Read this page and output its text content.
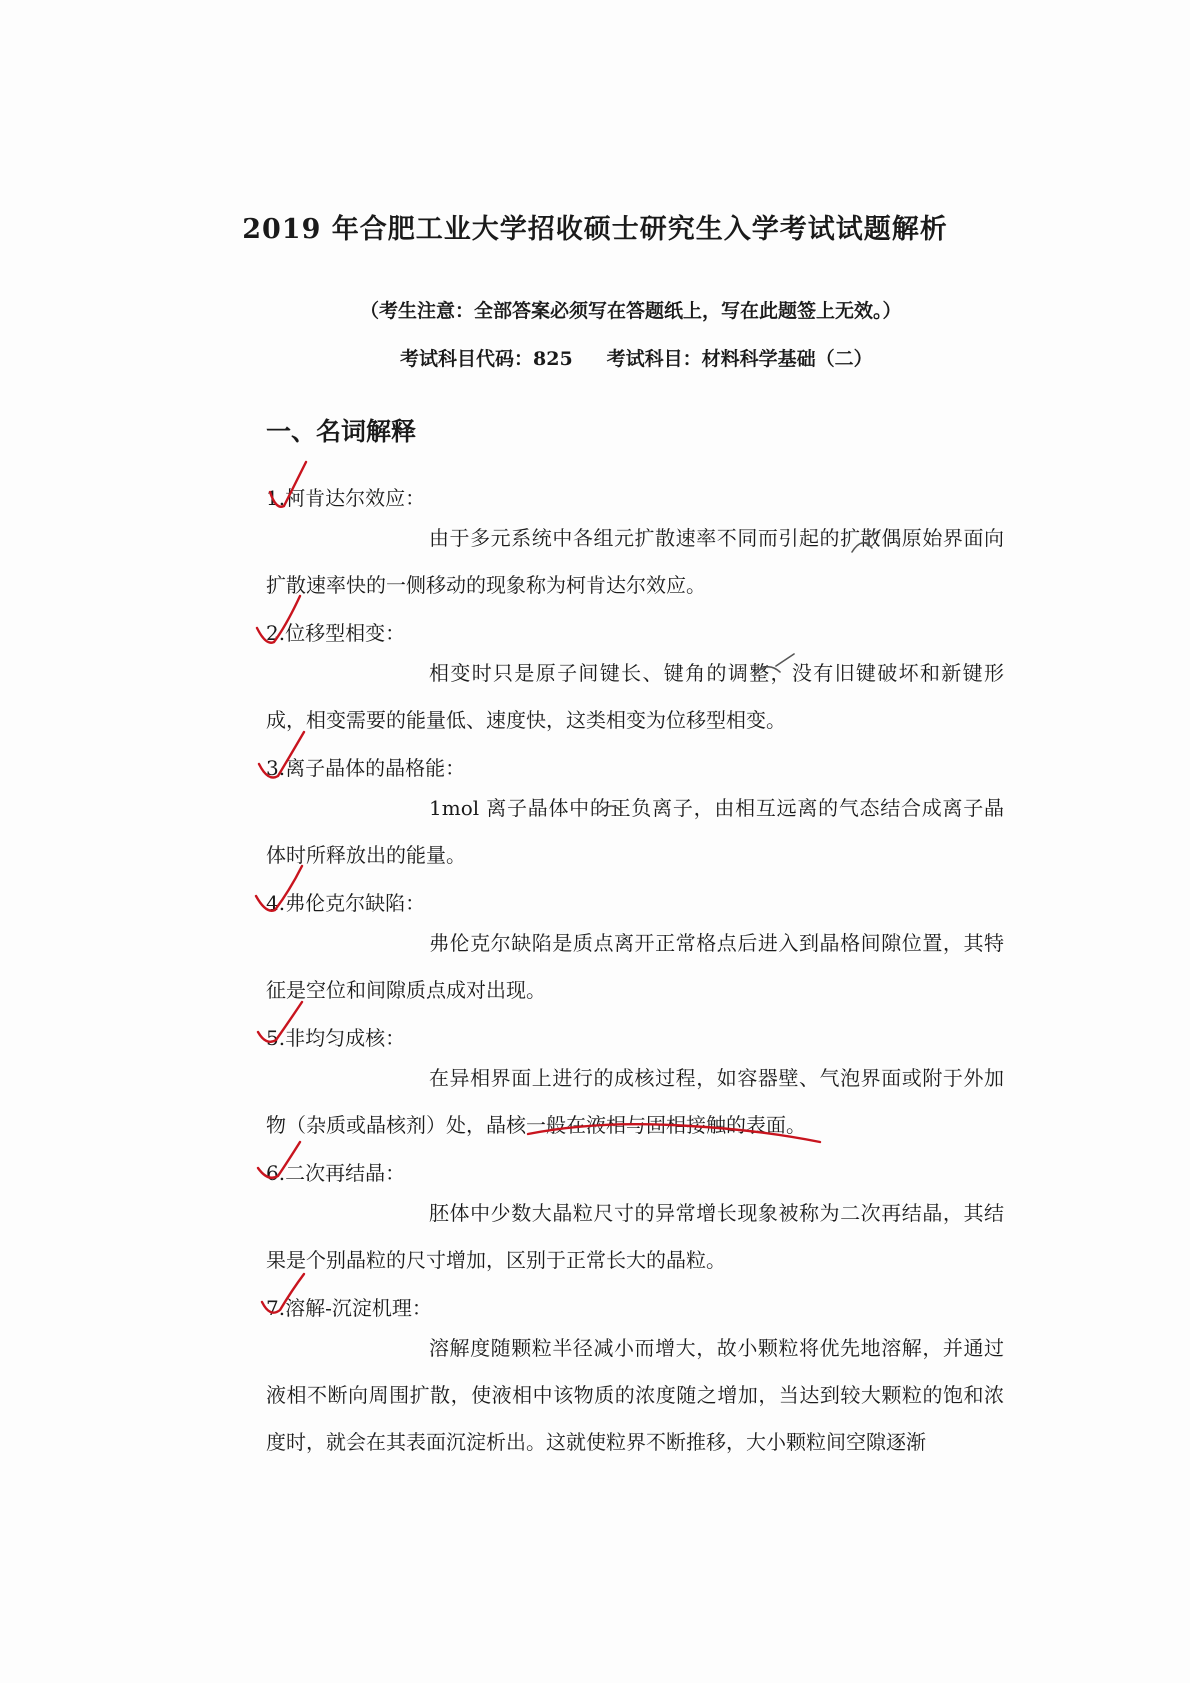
2019 年合肥工业大学招收硕士研究生入学考试试题解析
（考生注意：全部答案必须写在答题纸上，写在此题签上无效。）
考试科目代码：825 考试科目：材料科学基础（二）
一、名词解释
1.柯肯达尔效应：
由于多元系统中各组元扩散速率不同而引起的扩散偶原始界面向扩散速率快的一侧移动的现象称为柯肯达尔效应。
2.位移型相变：
相变时只是原子间键长、键角的调整，没有旧键破坏和新键形成，相变需要的能量低、速度快，这类相变为位移型相变。
3.离子晶体的晶格能：
1mol 离子晶体中的正负离子，由相互远离的气态结合成离子晶体时所释放出的能量。
4.弗伦克尔缺陷：
弗伦克尔缺陷是质点离开正常格点后进入到晶格间隙位置，其特征是空位和间隙质点成对出现。
5.非均匀成核：
在异相界面上进行的成核过程，如容器壁、气泡界面或附于外加物（杂质或晶核剂）处，晶核一般在液相与固相接触的表面。
6.二次再结晶：
胚体中少数大晶粒尺寸的异常增长现象被称为二次再结晶，其结果是个别晶粒的尺寸增加，区别于正常长大的晶粒。
7.溶解-沉淀机理：
溶解度随颗粒半径减小而增大，故小颗粒将优先地溶解，并通过液相不断向周围扩散，使液相中该物质的浓度随之增加，当达到较大颗粒的饱和浓度时，就会在其表面沉淀析出。这就使粒界不断推移，大小颗粒间空隙逐渐
